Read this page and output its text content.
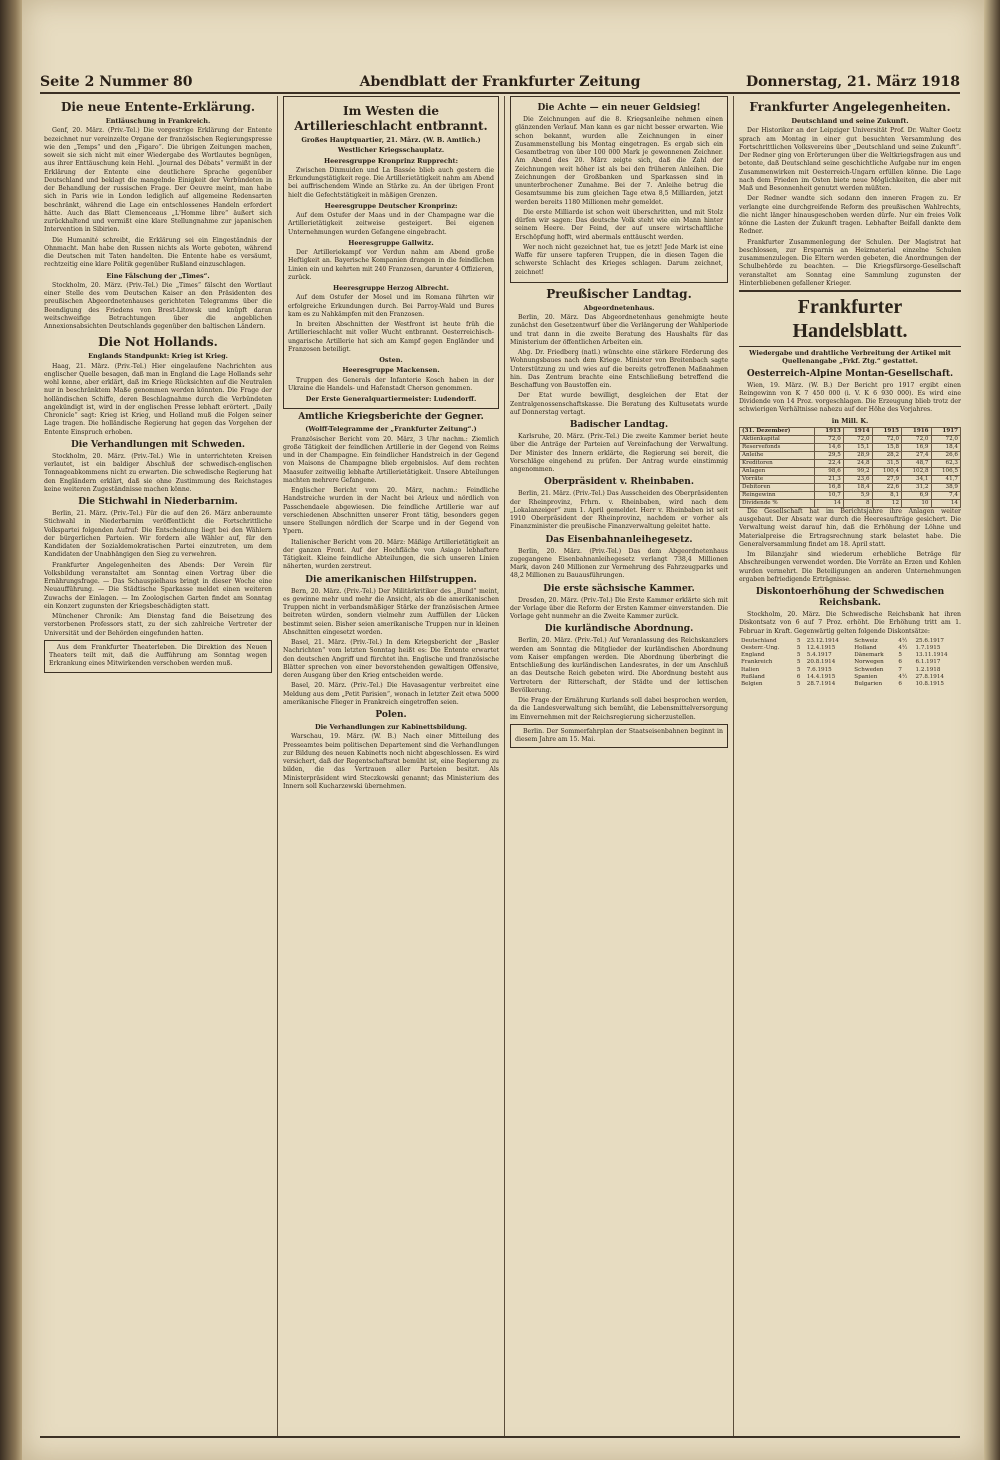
Seite 2 Nummer 80	Abendblatt der Frankfurter Zeitung	Donnerstag, 21. März 1918
Die neue Entente-Erklärung.
Entläuschung in Frankreich.

Genf, 20. März. (Priv.-Tel.) Die vorgestrige Erklärung der Entente bezeichnet nur vereinzelte Organe der französischen Regierungspresse wie den „Temps“ und den „Figaro“. Die übrigen Zeitungen machen, soweit sie sich nicht mit einer Wiedergabe des Wortlautes begnügen, aus ihrer Enttäuschung kein Hehl. „Journal des Débats“ vermißt in der Erklärung der Entente eine deutlichere Sprache gegenüber Deutschland und beklagt die mangelnde Einigkeit der Verbündeten in der Behandlung der russischen Frage. Der Oeuvre meint, man habe sich in Paris wie in London lediglich auf allgemeine Redensarten beschränkt, während die Lage ein entschlossenes Handeln erfordert hätte. Auch das Blatt Clemenceaus „L'Homme libre“ äußert sich zurückhaltend und vermißt eine klare Stellungnahme zur japanischen Intervention in Sibirien.

Die Humanité schreibt, die Erklärung sei ein Eingeständnis der Ohnmacht. Man habe den Russen nichts als Worte geboten, während die Deutschen mit Taten handelten. Die Entente habe es versäumt, rechtzeitig eine klare Politik gegenüber Rußland einzuschlagen.

Eine Fälschung der „Times“.

Stockholm, 20. März. (Priv.-Tel.) Die „Times“ fälscht den Wortlaut einer Stelle des vom Deutschen Kaiser an den Präsidenten des preußischen Abgeordnetenhauses gerichteten Telegramms über die Beendigung des Friedens von Brest-Litowsk und knüpft daran weitschweifige Betrachtungen über die angeblichen Annexionsabsichten Deutschlands gegenüber den baltischen Ländern.

Die Not Hollands.
Englands Standpunkt: Krieg ist Krieg.

Haag, 21. März. (Priv.-Tel.) Hier eingelaufene Nachrichten aus englischer Quelle besagen, daß man in England die Lage Hollands sehr wohl kenne, aber erklärt, daß im Kriege Rücksichten auf die Neutralen nur in beschränktem Maße genommen werden könnten. Die Frage der holländischen Schiffe, deren Beschlagnahme durch die Verbündeten angekündigt ist, wird in der englischen Presse lebhaft erörtert. „Daily Chronicle“ sagt: Krieg ist Krieg, und Holland muß die Folgen seiner Lage tragen. Die holländische Regierung hat gegen das Vorgehen der Entente Einspruch erhoben.

Die Verhandlungen mit Schweden.

Stockholm, 20. März. (Priv.-Tel.) Wie in unterrichteten Kreisen verlautet, ist ein baldiger Abschluß der schwedisch-englischen Tonnageabkommens nicht zu erwarten. Die schwedische Regierung hat den Engländern erklärt, daß sie ohne Zustimmung des Reichstages keine weiteren Zugeständnisse machen könne.

Die Stichwahl in Niederbarnim.

Berlin, 21. März. (Priv.-Tel.) Für die auf den 26. März anberaumte Stichwahl in Niederbarnim veröffentlicht die Fortschrittliche Volkspartei folgenden Aufruf: Die Entscheidung liegt bei den Wählern der bürgerlichen Parteien. Wir fordern alle Wähler auf, für den Kandidaten der Sozialdemokratischen Partei einzutreten, um dem Kandidaten der Unabhängigen den Sieg zu verwehren.

Frankfurter Angelegenheiten des Abends: Der Verein für Volksbildung veranstaltet am Sonntag einen Vortrag über die Ernährungsfrage. — Das Schauspielhaus bringt in dieser Woche eine Neuaufführung. — Die Städtische Sparkasse meldet einen weiteren Zuwachs der Einlagen. — Im Zoologischen Garten findet am Sonntag ein Konzert zugunsten der Kriegsbeschädigten statt.

Münchener Chronik: Am Dienstag fand die Beisetzung des verstorbenen Professors statt, zu der sich zahlreiche Vertreter der Universität und der Behörden eingefunden hatten.

Aus dem Frankfurter Theaterleben. Die Direktion des Neuen Theaters teilt mit, daß die Aufführung am Sonntag wegen Erkrankung eines Mitwirkenden verschoben werden muß.

Im Westen die Artillerieschlacht entbrannt.
Großes Hauptquartier, 21. März. (W. B. Amtlich.)
Westlicher Kriegsschauplatz.
Heeresgruppe Kronprinz Rupprecht:

Zwischen Dixmuiden und La Bassée blieb auch gestern die Erkundungstätigkeit rege. Die Artillerietätigkeit nahm am Abend bei auffrischendem Winde an Stärke zu. An der übrigen Front hielt die Gefechtstätigkeit in mäßigen Grenzen.

Heeresgruppe Deutscher Kronprinz:

Auf dem Ostufer der Maas und in der Champagne war die Artillerietätigkeit zeitweise gesteigert. Bei eigenen Unternehmungen wurden Gefangene eingebracht.

Heeresgruppe Gallwitz.

Der Artilleriekampf vor Verdun nahm am Abend große Heftigkeit an. Bayerische Kompanien drangen in die feindlichen Linien ein und kehrten mit 240 Franzosen, darunter 4 Offizieren, zurück.

Heeresgruppe Herzog Albrecht.

Auf dem Ostufer der Mosel und im Romana führten wir erfolgreiche Erkundungen durch. Bei Parroy-Wald und Bures kam es zu Nahkämpfen mit den Franzosen.

In breiten Abschnitten der Westfront ist heute früh die Artillerieschlacht mit voller Wucht entbrannt. Oesterreichisch-ungarische Artillerie hat sich am Kampf gegen Engländer und Franzosen beteiligt.

Osten.
Heeresgruppe Mackensen.

Truppen des Generals der Infanterie Kosch haben in der Ukraine die Handels- und Hafenstadt Cherson genommen.

Der Erste Generalquartiermeister: Ludendorff.
Amtliche Kriegsberichte der Gegner.
(Wolff-Telegramme der „Frankfurter Zeitung“.)

Französischer Bericht vom 20. März, 3 Uhr nachm.: Ziemlich große Tätigkeit der feindlichen Artillerie in der Gegend von Reims und in der Champagne. Ein feindlicher Handstreich in der Gegend von Maisons de Champagne blieb ergebnislos. Auf dem rechten Maasufer zeitweilig lebhafte Artillerietätigkeit. Unsere Abteilungen machten mehrere Gefangene.

Englischer Bericht vom 20. März, nachm.: Feindliche Handstreiche wurden in der Nacht bei Arleux und nördlich von Passchendaele abgewiesen. Die feindliche Artillerie war auf verschiedenen Abschnitten unserer Front tätig, besonders gegen unsere Stellungen nördlich der Scarpe und in der Gegend von Ypern.

Italienischer Bericht vom 20. März: Mäßige Artillerietätigkeit an der ganzen Front. Auf der Hochfläche von Asiago lebhaftere Tätigkeit. Kleine feindliche Abteilungen, die sich unseren Linien näherten, wurden zerstreut.

Die amerikanischen Hilfstruppen.

Bern, 20. März. (Priv.-Tel.) Der Militärkritiker des „Bund“ meint, es gewinne mehr und mehr die Ansicht, als ob die amerikanischen Truppen nicht in verbandsmäßiger Stärke der französischen Armee beitreten würden, sondern vielmehr zum Auffüllen der Lücken bestimmt seien. Bisher seien amerikanische Truppen nur in kleinen Abschnitten eingesetzt worden.

Basel, 21. März. (Priv.-Tel.) In dem Kriegsbericht der „Basler Nachrichten“ vom letzten Sonntag heißt es: Die Entente erwartet den deutschen Angriff und fürchtet ihn. Englische und französische Blätter sprechen von einer bevorstehenden gewaltigen Offensive, deren Ausgang über den Krieg entscheiden werde.

Basel, 20. März. (Priv.-Tel.) Die Havasagentur verbreitet eine Meldung aus dem „Petit Parisien“, wonach in letzter Zeit etwa 5000 amerikanische Flieger in Frankreich eingetroffen seien.

Polen.
Die Verhandlungen zur Kabinettsbildung.

Warschau, 19. März. (W. B.) Nach einer Mitteilung des Presseamtes beim politischen Departement sind die Verhandlungen zur Bildung des neuen Kabinetts noch nicht abgeschlossen. Es wird versichert, daß der Regentschaftsrat bemüht ist, eine Regierung zu bilden, die das Vertrauen aller Parteien besitzt. Als Ministerpräsident wird Steczkowski genannt; das Ministerium des Innern soll Kucharzewski übernehmen.

Die Achte — ein neuer Geldsieg!

Die Zeichnungen auf die 8. Kriegsanleihe nehmen einen glänzenden Verlauf. Man kann es gar nicht besser erwarten. Wie schon bekannt, wurden alle Zeichnungen in einer Zusammenstellung bis Montag eingetragen. Es ergab sich ein Gesamtbetrag von über 100 000 Mark je gewonnenen Zeichner. Am Abend des 20. März zeigte sich, daß die Zahl der Zeichnungen weit höher ist als bei den früheren Anleihen. Die Zeichnungen der Großbanken und Sparkassen sind in ununterbrochener Zunahme. Bei der 7. Anleihe betrug die Gesamtsumme bis zum gleichen Tage etwa 8,5 Milliarden, jetzt werden bereits 1180 Millionen mehr gemeldet.

Die erste Milliarde ist schon weit überschritten, und mit Stolz dürfen wir sagen: Das deutsche Volk steht wie ein Mann hinter seinem Heere. Der Feind, der auf unsere wirtschaftliche Erschöpfung hofft, wird abermals enttäuscht werden.

Wer noch nicht gezeichnet hat, tue es jetzt! Jede Mark ist eine Waffe für unsere tapferen Truppen, die in diesen Tagen die schwerste Schlacht des Krieges schlagen. Darum zeichnet, zeichnet!

Preußischer Landtag.
Abgeordnetenhaus.

Berlin, 20. März. Das Abgeordnetenhaus genehmigte heute zunächst den Gesetzentwurf über die Verlängerung der Wahlperiode und trat dann in die zweite Beratung des Haushalts für das Ministerium der öffentlichen Arbeiten ein.

Abg. Dr. Friedberg (natl.) wünschte eine stärkere Förderung des Wohnungsbaues nach dem Kriege. Minister von Breitenbach sagte Unterstützung zu und wies auf die bereits getroffenen Maßnahmen hin. Das Zentrum brachte eine Entschließung betreffend die Beschaffung von Baustoffen ein.

Der Etat wurde bewilligt, desgleichen der Etat der Zentralgenossenschaftskasse. Die Beratung des Kultusetats wurde auf Donnerstag vertagt.

Badischer Landtag.

Karlsruhe, 20. März. (Priv.-Tel.) Die zweite Kammer beriet heute über die Anträge der Parteien auf Vereinfachung der Verwaltung. Der Minister des Innern erklärte, die Regierung sei bereit, die Vorschläge eingehend zu prüfen. Der Antrag wurde einstimmig angenommen.

Oberpräsident v. Rheinbaben.

Berlin, 21. März. (Priv.-Tel.) Das Ausscheiden des Oberpräsidenten der Rheinprovinz, Frhrn. v. Rheinbaben, wird nach dem „Lokalanzeiger“ zum 1. April gemeldet. Herr v. Rheinbaben ist seit 1910 Oberpräsident der Rheinprovinz, nachdem er vorher als Finanzminister die preußische Finanzverwaltung geleitet hatte.

Das Eisenbahnanleihegesetz.

Berlin, 20. März. (Priv.-Tel.) Das dem Abgeordnetenhaus zugegangene Eisenbahnanleihegesetz verlangt 738,4 Millionen Mark, davon 240 Millionen zur Vermehrung des Fahrzeugparks und 48,2 Millionen zu Bauausführungen.

Die erste sächsische Kammer.

Dresden, 20. März. (Priv.-Tel.) Die Erste Kammer erklärte sich mit der Vorlage über die Reform der Ersten Kammer einverstanden. Die Vorlage geht nunmehr an die Zweite Kammer zurück.

Die kurländische Abordnung.

Berlin, 20. März. (Priv.-Tel.) Auf Veranlassung des Reichskanzlers werden am Sonntag die Mitglieder der kurländischen Abordnung vom Kaiser empfangen werden. Die Abordnung überbringt die Entschließung des kurländischen Landesrates, in der um Anschluß an das Deutsche Reich gebeten wird. Die Abordnung besteht aus Vertretern der Ritterschaft, der Städte und der lettischen Bevölkerung.

Die Frage der Ernährung Kurlands soll dabei besprochen werden, da die Landesverwaltung sich bemüht, die Lebensmittelversorgung im Einvernehmen mit der Reichsregierung sicherzustellen.

Berlin. Der Sommerfahrplan der Staatseisenbahnen beginnt in diesem Jahre am 15. Mai.

Frankfurter Angelegenheiten.
Deutschland und seine Zukunft.

Der Historiker an der Leipziger Universität Prof. Dr. Walter Goetz sprach am Montag in einer gut besuchten Versammlung des Fortschrittlichen Volksvereins über „Deutschland und seine Zukunft“. Der Redner ging von Erörterungen über die Weltkriegsfragen aus und betonte, daß Deutschland seine geschichtliche Aufgabe nur im engen Zusammenwirken mit Oesterreich-Ungarn erfüllen könne. Die Lage nach dem Frieden im Osten biete neue Möglichkeiten, die aber mit Maß und Besonnenheit genutzt werden müßten.

Der Redner wandte sich sodann den inneren Fragen zu. Er verlangte eine durchgreifende Reform des preußischen Wahlrechts, die nicht länger hinausgeschoben werden dürfe. Nur ein freies Volk könne die Lasten der Zukunft tragen. Lebhafter Beifall dankte dem Redner.

Frankfurter Zusammenlegung der Schulen. Der Magistrat hat beschlossen, zur Ersparnis an Heizmaterial einzelne Schulen zusammenzulegen. Die Eltern werden gebeten, die Anordnungen der Schulbehörde zu beachten. — Die Kriegsfürsorge-Gesellschaft veranstaltet am Sonntag eine Sammlung zugunsten der Hinterbliebenen gefallener Krieger.

Frankfurter Handelsblatt.
Wiedergabe und drahtliche Verbreitung der Artikel mit Quellenangabe „Frkf. Ztg.“ gestattet.
Oesterreich-Alpine Montan-Gesellschaft.

Wien, 19. März. (W. B.) Der Bericht pro 1917 ergibt einen Reingewinn von K 7 450 000 (i. V. K 6 930 000). Es wird eine Dividende von 14 Proz. vorgeschlagen. Die Erzeugung blieb trotz der schwierigen Verhältnisse nahezu auf der Höhe des Vorjahres.

in Mill. K.
(31. Dezember)	1913	1914	1915	1916	1917
Aktienkapital	72,0	72,0	72,0	72,0	72,0
Reservefonds	14,6	15,1	15,8	16,9	18,4
Anleihe	29,5	28,9	28,2	27,4	26,6
Kreditoren	22,4	24,8	31,5	48,7	62,3
Anlagen	98,6	99,2	100,4	102,8	106,5
Vorräte	21,3	23,6	27,9	34,1	41,7
Debitoren	16,8	18,4	22,6	31,2	38,9
Reingewinn	10,7	5,9	8,1	6,9	7,4
Dividende %	14	8	12	10	14

Die Gesellschaft hat im Berichtsjahre ihre Anlagen weiter ausgebaut. Der Absatz war durch die Heeresaufträge gesichert. Die Verwaltung weist darauf hin, daß die Erhöhung der Löhne und Materialpreise die Ertragsrechnung stark belastet habe. Die Generalversammlung findet am 18. April statt.

Im Bilanzjahr sind wiederum erhebliche Beträge für Abschreibungen verwendet worden. Die Vorräte an Erzen und Kohlen wurden vermehrt. Die Beteiligungen an anderen Unternehmungen ergaben befriedigende Erträgnisse.

Diskontoerhöhung der Schwedischen Reichsbank.

Stockholm, 20. März. Die Schwedische Reichsbank hat ihren Diskontsatz von 6 auf 7 Proz. erhöht. Die Erhöhung tritt am 1. Februar in Kraft. Gegenwärtig gelten folgende Diskontsätze:

Deutschland	5	23.12.1914	Schweiz	4½	25.6.1917
Oesterr.-Ung.	5	12.4.1915	Holland	4½	1.7.1915
England	5	5.4.1917	Dänemark	5	13.11.1914
Frankreich	5	20.8.1914	Norwegen	6	6.1.1917
Italien	5	7.6.1915	Schweden	7	1.2.1918
Rußland	6	14.4.1915	Spanien	4½	27.8.1914
Belgien	5	28.7.1914	Bulgarien	6	10.8.1915
